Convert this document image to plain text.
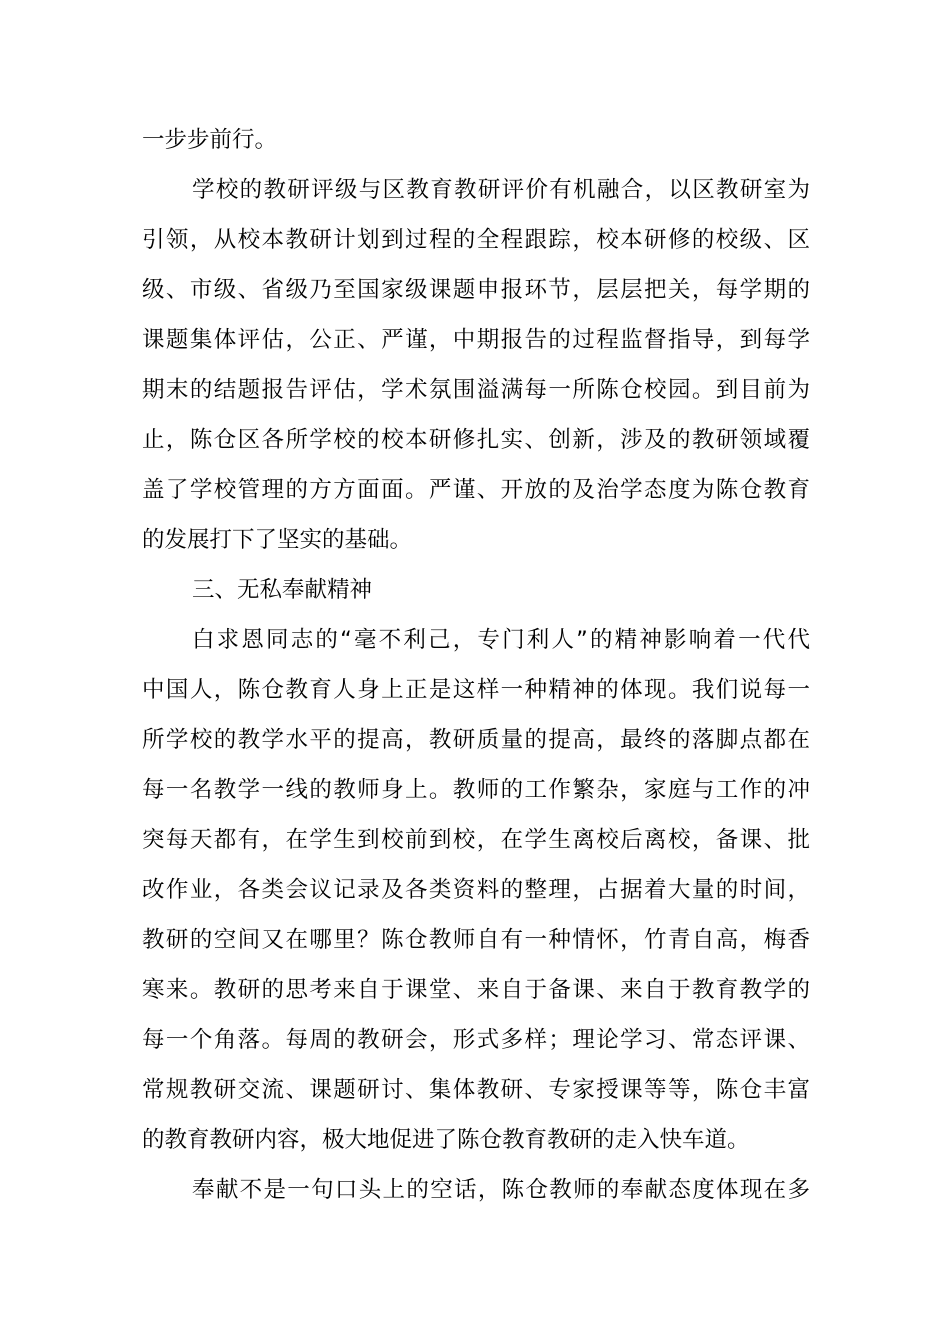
一步步前行。
学校的教研评级与区教育教研评价有机融合，以区教研室为
引领，从校本教研计划到过程的全程跟踪，校本研修的校级、区
级、市级、省级乃至国家级课题申报环节，层层把关，每学期的
课题集体评估，公正、严谨，中期报告的过程监督指导，到每学
期末的结题报告评估，学术氛围溢满每一所陈仓校园。到目前为
止，陈仓区各所学校的校本研修扎实、创新，涉及的教研领域覆
盖了学校管理的方方面面。严谨、开放的及治学态度为陈仓教育
的发展打下了坚实的基础。
三、无私奉献精神
白求恩同志的“毫不利己，专门利人”的精神影响着一代代
中国人，陈仓教育人身上正是这样一种精神的体现。我们说每一
所学校的教学水平的提高，教研质量的提高，最终的落脚点都在
每一名教学一线的教师身上。教师的工作繁杂，家庭与工作的冲
突每天都有，在学生到校前到校，在学生离校后离校，备课、批
改作业，各类会议记录及各类资料的整理，占据着大量的时间，
教研的空间又在哪里？陈仓教师自有一种情怀，竹青自高，梅香
寒来。教研的思考来自于课堂、来自于备课、来自于教育教学的
每一个角落。每周的教研会，形式多样；理论学习、常态评课、
常规教研交流、课题研讨、集体教研、专家授课等等，陈仓丰富
的教育教研内容，极大地促进了陈仓教育教研的走入快车道。
奉献不是一句口头上的空话，陈仓教师的奉献态度体现在多
